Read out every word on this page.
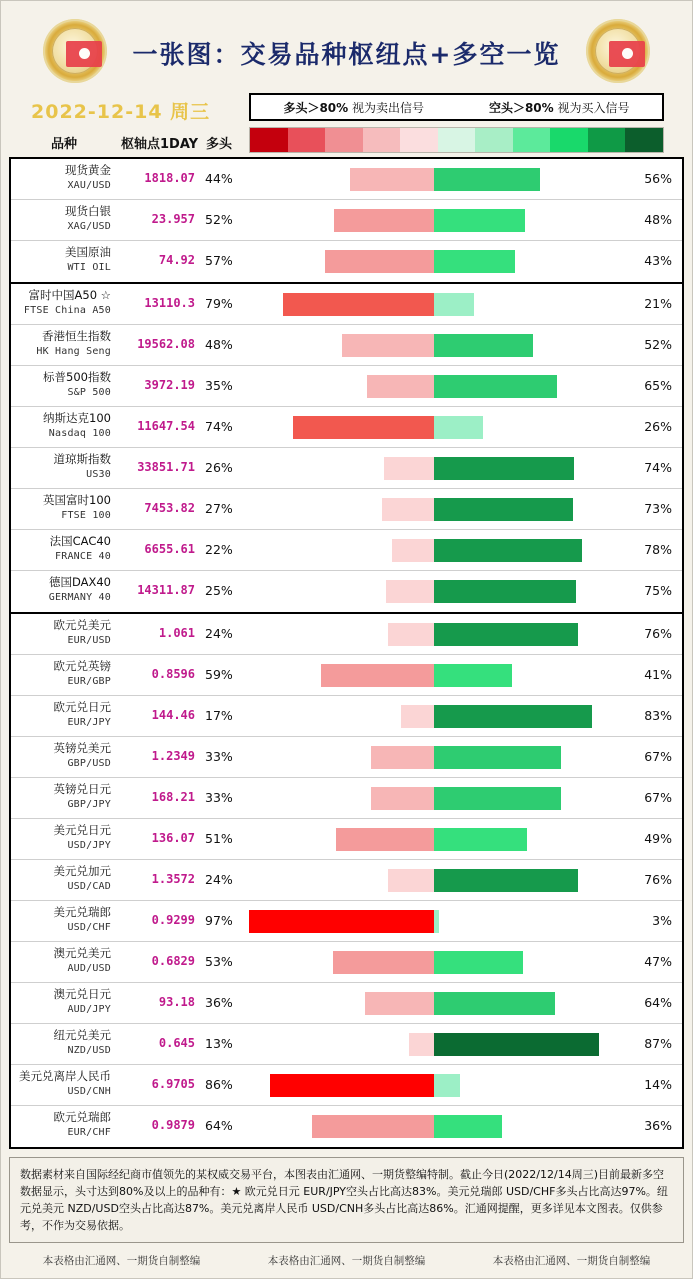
一张图：交易品种枢纽点+多空一览
2022-12-14 周三	多头＞80% 视为卖出信号	空头＞80% 视为买入信号
品种	枢轴点1DAY 多头
现货黄金
XAU/USD
1818.07 44%	56%
现货白银
XAG/USD
23.957 52%	48%
美国原油
WTI OIL
74.92 57%	43%
富时中国A50 ☆
FTSE China A50
13110.3 79%	21%
香港恒生指数
HK Hang Seng
19562.08 48%	52%
标普500指数
S&P 500
3972.19 35%	65%
纳斯达克100
Nasdaq 100
11647.54 74%	26%
道琼斯指数
US30
33851.71 26%	74%
英国富时100
FTSE 100
7453.82 27%	73%
法国CAC40
FRANCE 40
6655.61 22%	78%
德国DAX40
GERMANY 40
14311.87 25%	75%
欧元兑美元
EUR/USD
1.061 24%	76%
欧元兑英镑
EUR/GBP
0.8596 59%	41%
欧元兑日元
EUR/JPY
144.46 17%	83%
英镑兑美元
GBP/USD
1.2349 33%	67%
英镑兑日元
GBP/JPY
168.21 33%	67%
美元兑日元
USD/JPY
136.07 51%	49%
美元兑加元
USD/CAD
1.3572 24%	76%
美元兑瑞郎
USD/CHF
0.9299 97%	3%
澳元兑美元
AUD/USD
0.6829 53%	47%
澳元兑日元
AUD/JPY
93.18 36%	64%
纽元兑美元
NZD/USD
0.645 13%	87%
美元兑离岸人民币
USD/CNH
6.9705 86%	14%
欧元兑瑞郎
EUR/CHF
0.9879 64%	36%
数据素材来自国际经纪商市值领先的某权威交易平台，本图表由汇通网、一期货整编特制。截止今日(2022/12/14周三)目前最新多空数据显示，头寸达到80%及以上的品种有：★ 欧元兑日元 EUR/JPY空头占比高达83%。美元兑瑞郎 USD/CHF多头占比高达97%。纽元兑美元 NZD/USD空头占比高达87%。美元兑离岸人民币 USD/CNH多头占比高达86%。汇通网提醒，更多详见本文图表。仅供参考，不作为交易依据。
本表格由汇通网、一期货自制整编	本表格由汇通网、一期货自制整编	本表格由汇通网、一期货自制整编
